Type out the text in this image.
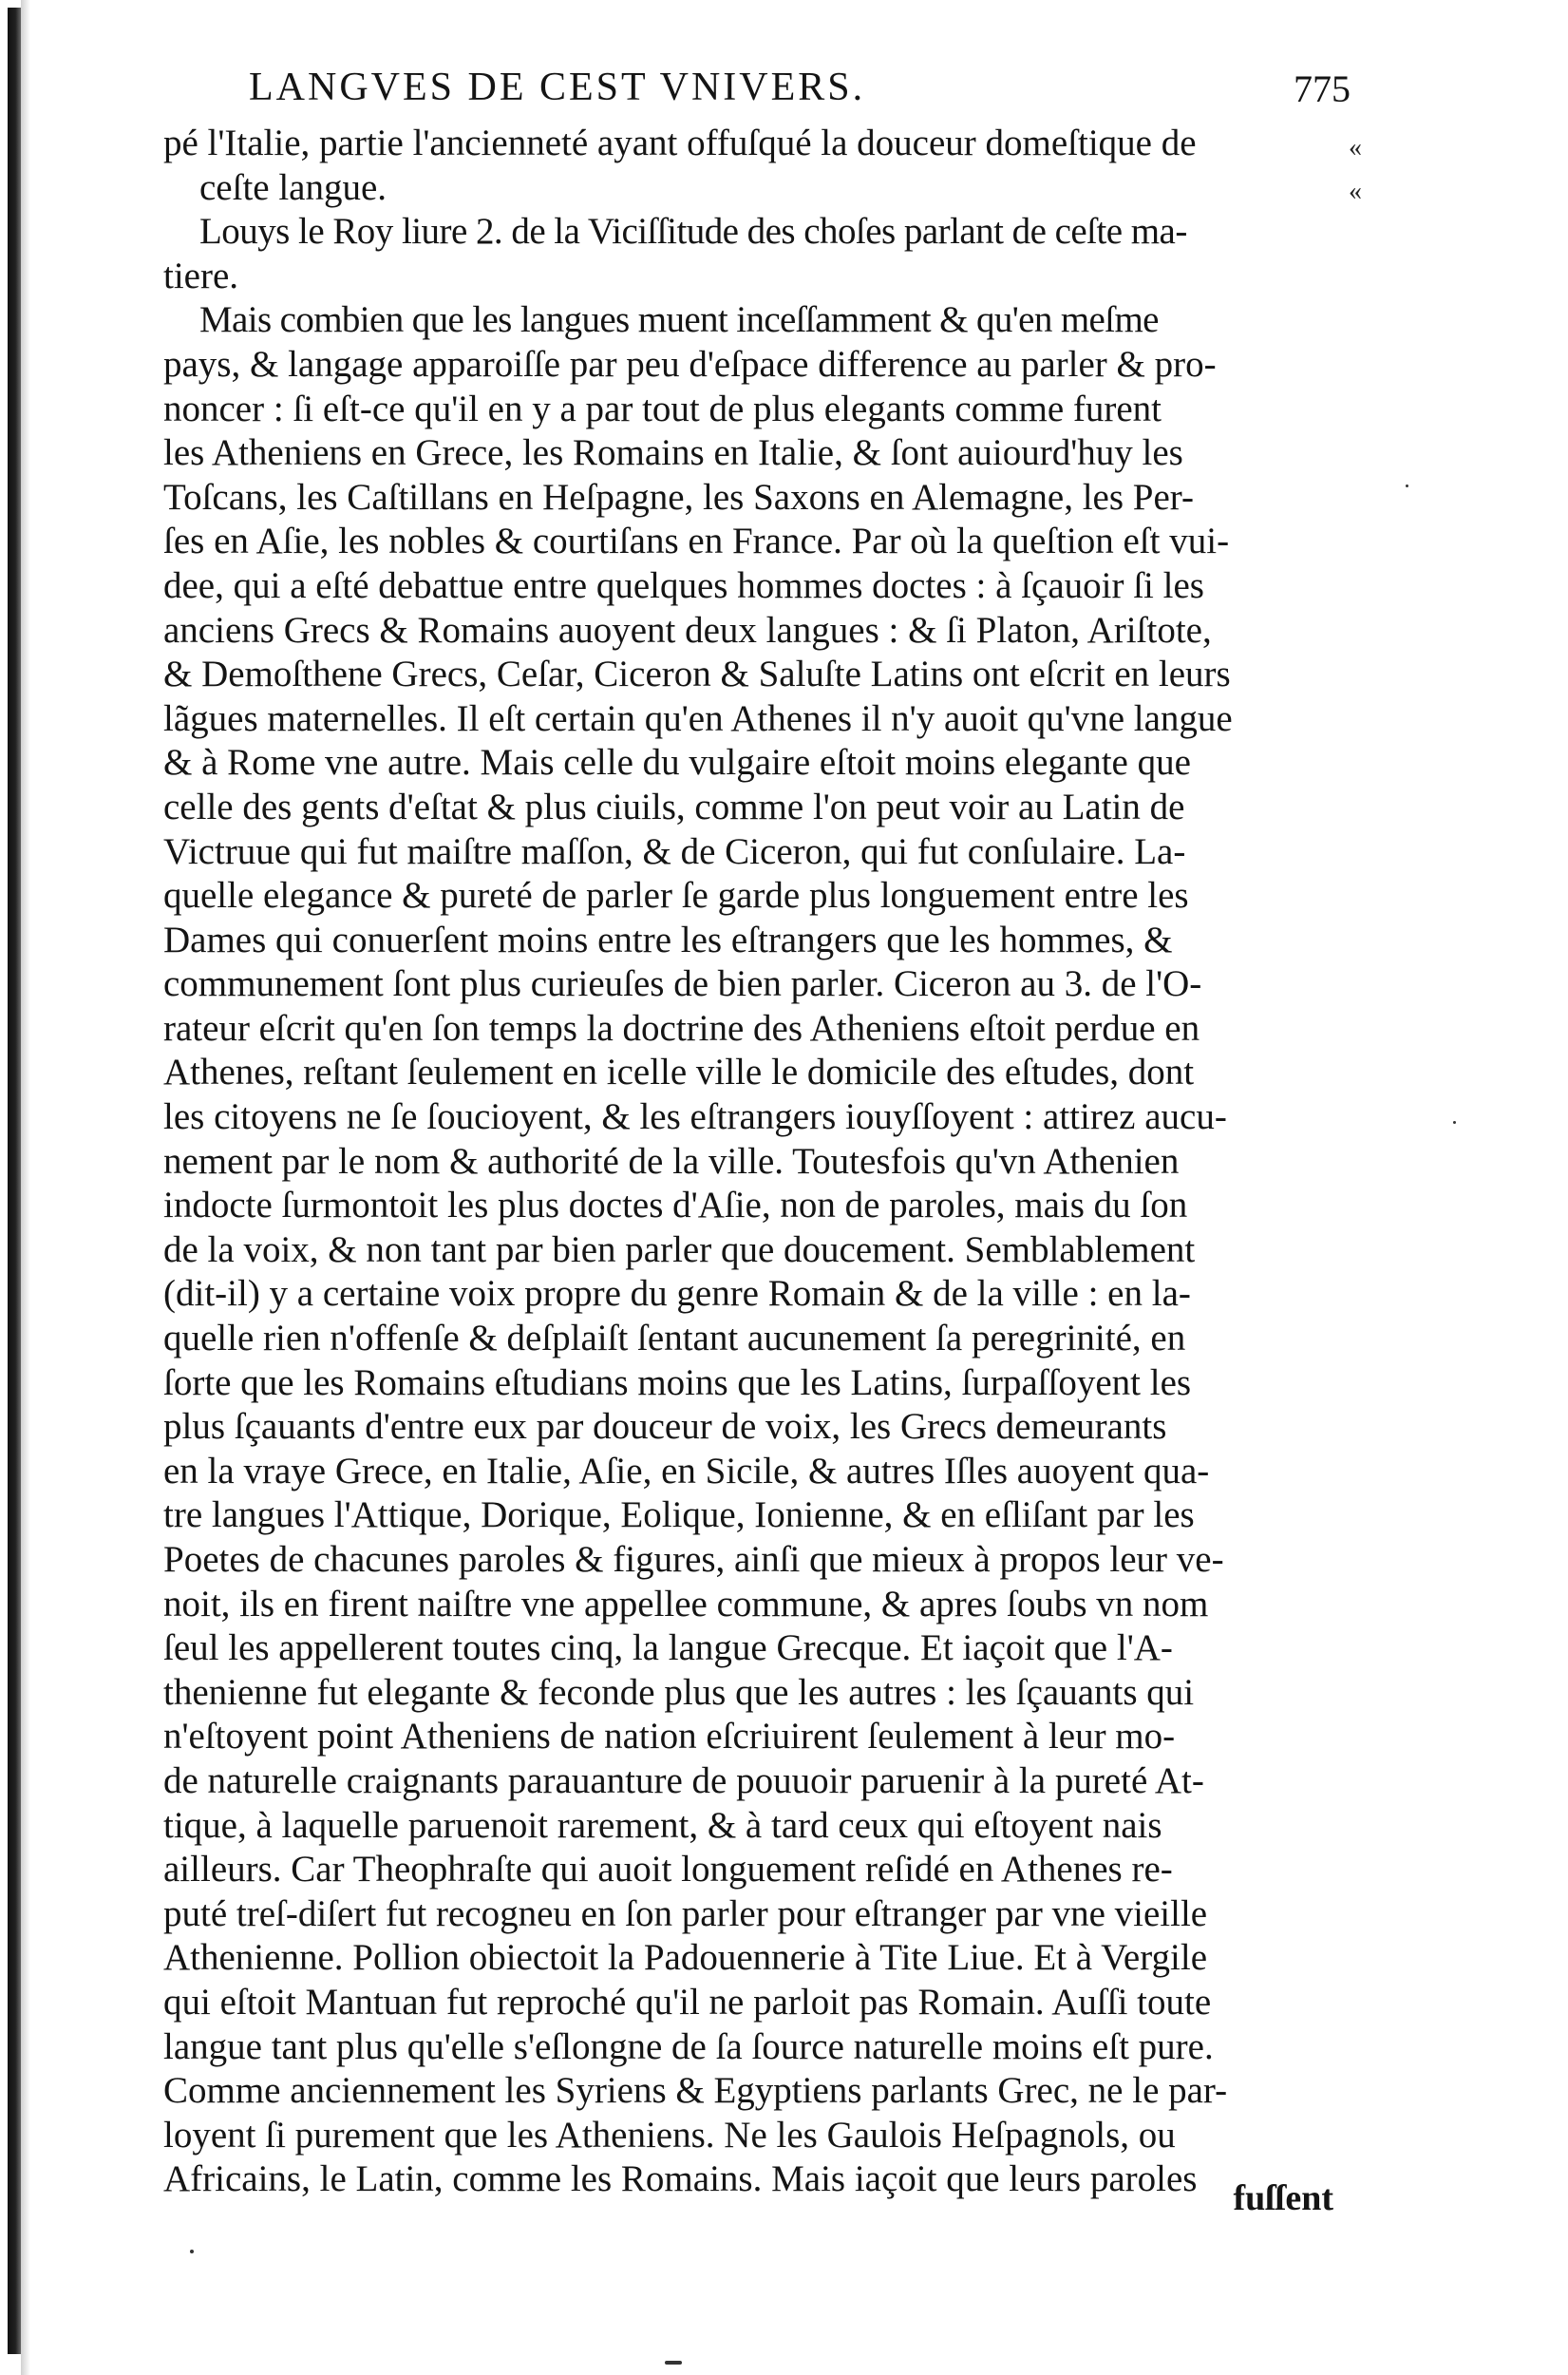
LANGVES DE CEST VNIVERS.	775
pé l'Italie, partie l'ancienneté ayant offuſqué la douceur domeſtique de
ceſte langue.
Louys le Roy liure 2. de la Viciſſitude des choſes parlant de ceſte ma-
tiere.
Mais combien que les langues muent inceſſamment & qu'en meſme
pays, & langage apparoiſſe par peu d'eſpace difference au parler & pro-
noncer : ſi eſt-ce qu'il en y a par tout de plus elegants comme furent
les Atheniens en Grece, les Romains en Italie, & ſont auiourd'huy les
Toſcans, les Caſtillans en Heſpagne, les Saxons en Alemagne, les Per-
ſes en Aſie, les nobles & courtiſans en France. Par où la queſtion eſt vui-
dee, qui a eſté debattue entre quelques hommes doctes : à ſçauoir ſi les
anciens Grecs & Romains auoyent deux langues : & ſi Platon, Ariſtote,
& Demoſthene Grecs, Ceſar, Ciceron & Saluſte Latins ont eſcrit en leurs
lãgues maternelles. Il eſt certain qu'en Athenes il n'y auoit qu'vne langue
& à Rome vne autre. Mais celle du vulgaire eſtoit moins elegante que
celle des gents d'eſtat & plus ciuils, comme l'on peut voir au Latin de
Victruue qui fut maiſtre maſſon, & de Ciceron, qui fut conſulaire. La-
quelle elegance & pureté de parler ſe garde plus longuement entre les
Dames qui conuerſent moins entre les eſtrangers que les hommes, &
communement ſont plus curieuſes de bien parler. Ciceron au 3. de l'O-
rateur eſcrit qu'en ſon temps la doctrine des Atheniens eſtoit perdue en
Athenes, reſtant ſeulement en icelle ville le domicile des eſtudes, dont
les citoyens ne ſe ſoucioyent, & les eſtrangers iouyſſoyent : attirez aucu-
nement par le nom & authorité de la ville. Toutesfois qu'vn Athenien
indocte ſurmontoit les plus doctes d'Aſie, non de paroles, mais du ſon
de la voix, & non tant par bien parler que doucement. Semblablement
(dit-il) y a certaine voix propre du genre Romain & de la ville : en la-
quelle rien n'offenſe & deſplaiſt ſentant aucunement ſa peregrinité, en
ſorte que les Romains eſtudians moins que les Latins, ſurpaſſoyent les
plus ſçauants d'entre eux par douceur de voix, les Grecs demeurants
en la vraye Grece, en Italie, Aſie, en Sicile, & autres Iſles auoyent qua-
tre langues l'Attique, Dorique, Eolique, Ionienne, & en eſliſant par les
Poetes de chacunes paroles & figures, ainſi que mieux à propos leur ve-
noit, ils en firent naiſtre vne appellee commune, & apres ſoubs vn nom
ſeul les appellerent toutes cinq, la langue Grecque. Et iaçoit que l'A-
thenienne fut elegante & feconde plus que les autres : les ſçauants qui
n'eſtoyent point Atheniens de nation eſcriuirent ſeulement à leur mo-
de naturelle craignants parauanture de pouuoir paruenir à la pureté At-
tique, à laquelle paruenoit rarement, & à tard ceux qui eſtoyent nais
ailleurs. Car Theophraſte qui auoit longuement reſidé en Athenes re-
puté treſ-diſert fut recogneu en ſon parler pour eſtranger par vne vieille
Athenienne. Pollion obiectoit la Padouennerie à Tite Liue. Et à Vergile
qui eſtoit Mantuan fut reproché qu'il ne parloit pas Romain. Auſſi toute
langue tant plus qu'elle s'eſlongne de ſa ſource naturelle moins eſt pure.
Comme anciennement les Syriens & Egyptiens parlants Grec, ne le par-
loyent ſi purement que les Atheniens. Ne les Gaulois Heſpagnols, ou
Africains, le Latin, comme les Romains. Mais iaçoit que leurs paroles
«
«
fuſſent
